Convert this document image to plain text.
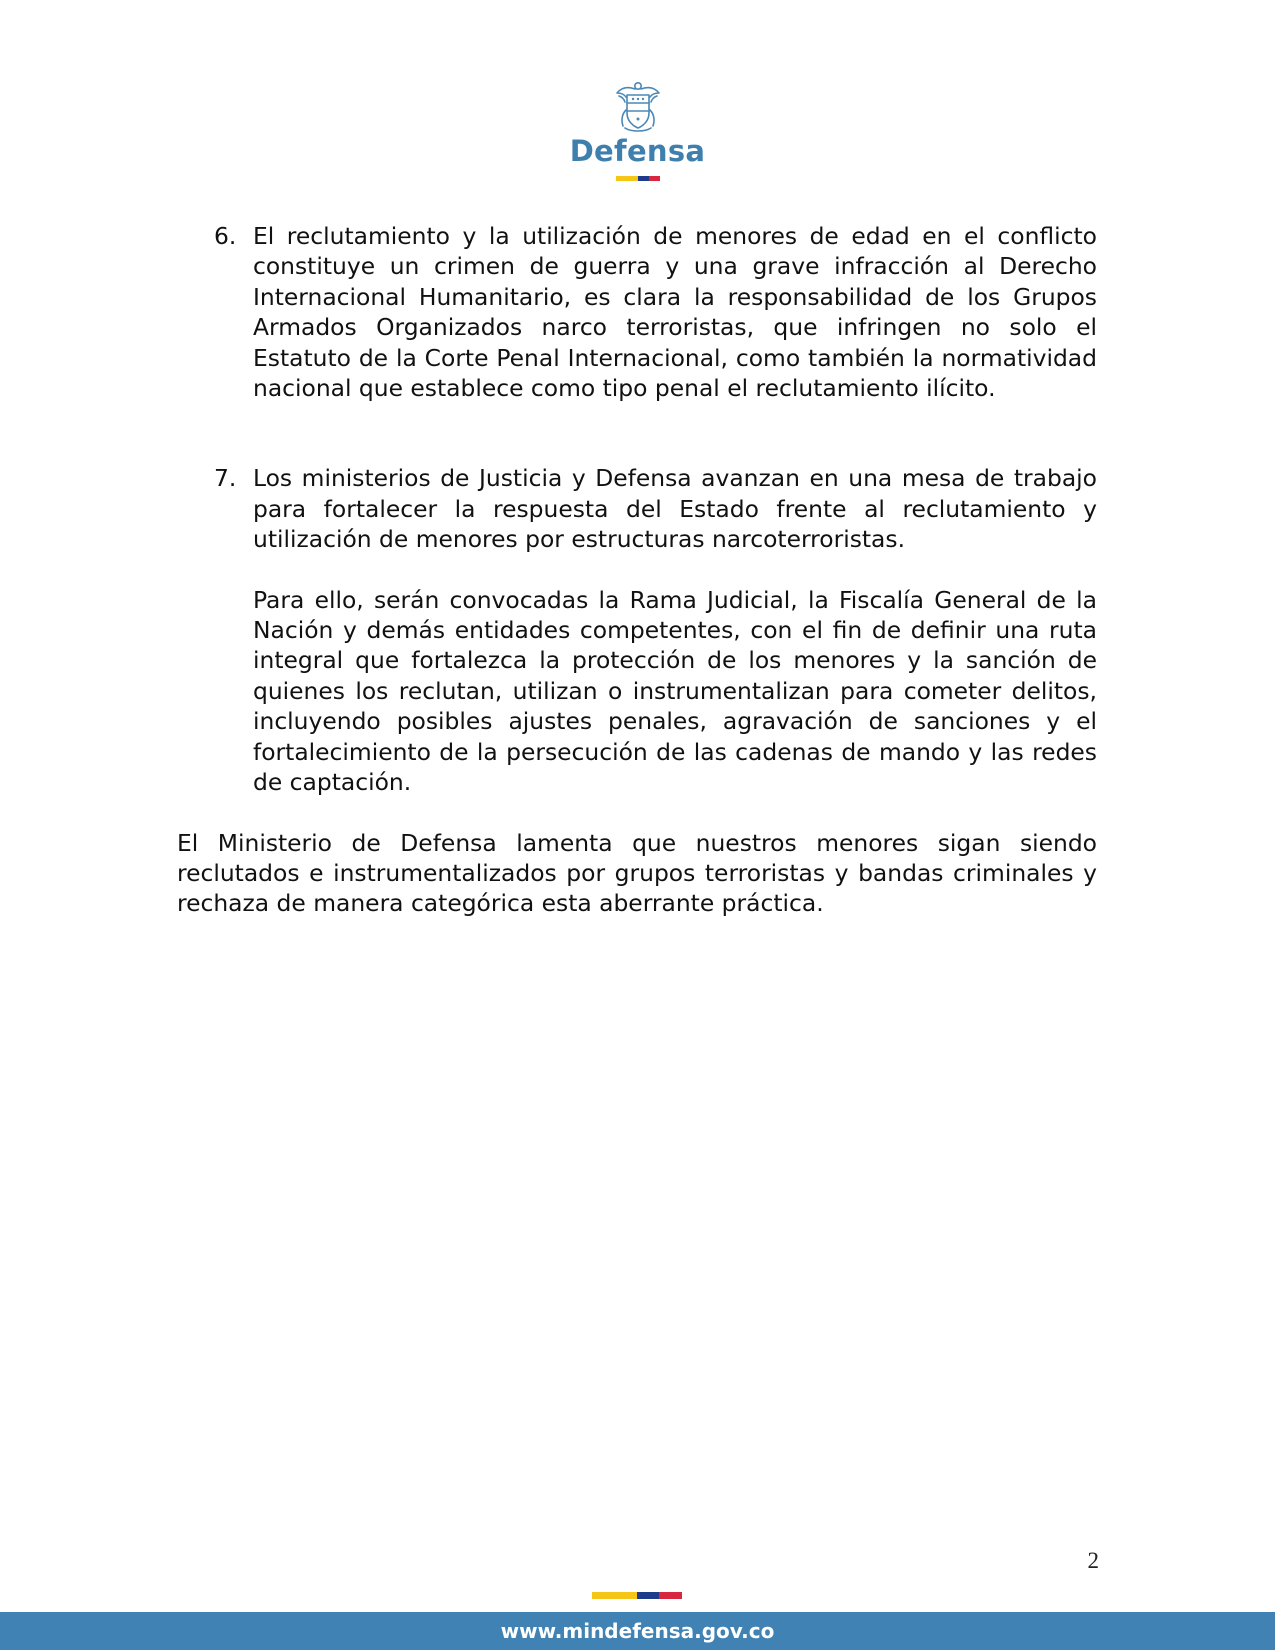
Defensa
6. El reclutamiento y la utilización de menores de edad en el conflicto constituye un crimen de guerra y una grave infracción al Derecho Internacional Humanitario, es clara la responsabilidad de los Grupos Armados Organizados narco terroristas, que infringen no solo el Estatuto de la Corte Penal Internacional, como también la normatividad nacional que establece como tipo penal el reclutamiento ilícito.

7. Los ministerios de Justicia y Defensa avanzan en una mesa de trabajo para fortalecer la respuesta del Estado frente al reclutamiento y utilización de menores por estructuras narcoterroristas.

Para ello, serán convocadas la Rama Judicial, la Fiscalía General de la Nación y demás entidades competentes, con el fin de definir una ruta integral que fortalezca la protección de los menores y la sanción de quienes los reclutan, utilizan o instrumentalizan para cometer delitos, incluyendo posibles ajustes penales, agravación de sanciones y el fortalecimiento de la persecución de las cadenas de mando y las redes de captación.

El Ministerio de Defensa lamenta que nuestros menores sigan siendo reclutados e instrumentalizados por grupos terroristas y bandas criminales y rechaza de manera categórica esta aberrante práctica.

2
www.mindefensa.gov.co
